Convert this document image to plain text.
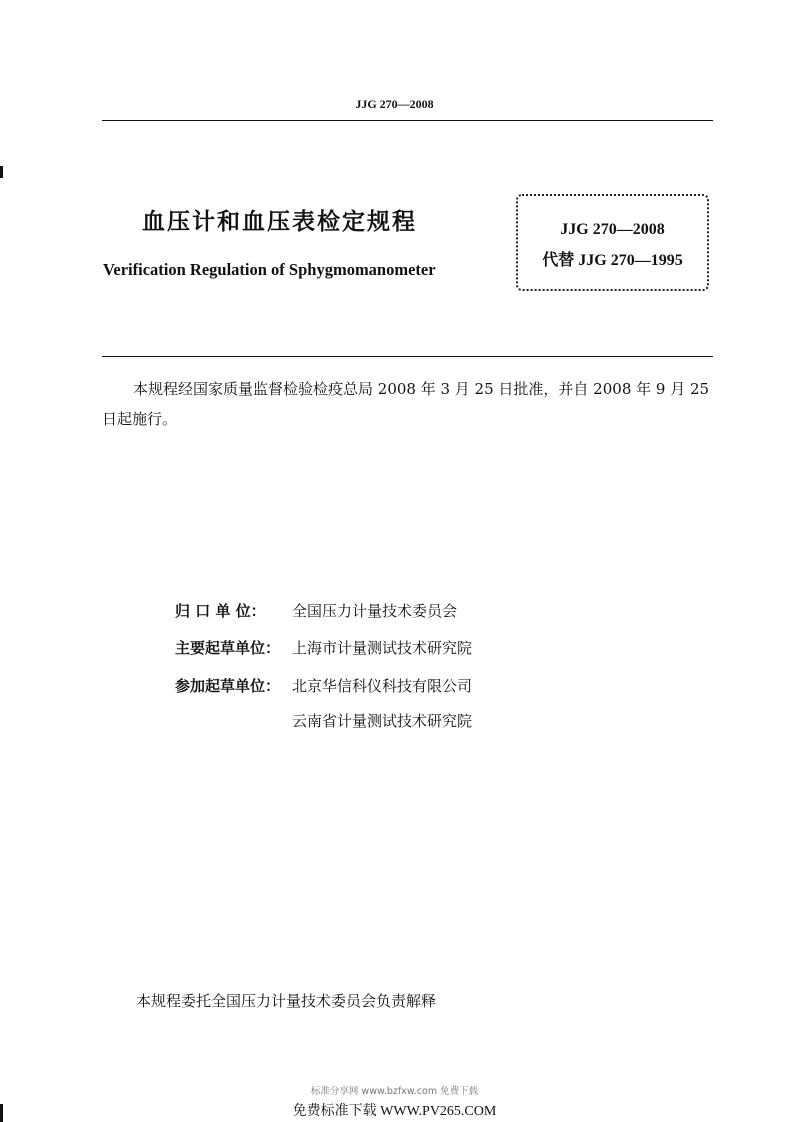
JJG 270—2008
血压计和血压表检定规程
Verification Regulation of Sphygmomanometer
JJG 270—2008
代替 JJG 270—1995
本规程经国家质量监督检验检疫总局 2008 年 3 月 25 日批准，并自 2008 年 9 月 25 日起施行。
归 口 单 位： 全国压力计量技术委员会
主要起草单位： 上海市计量测试技术研究院
参加起草单位： 北京华信科仪科技有限公司
云南省计量测试技术研究院
本规程委托全国压力计量技术委员会负责解释
标准分享网 www.bzfxw.com 免费下载
免费标准下载 WWW.PV265.COM
